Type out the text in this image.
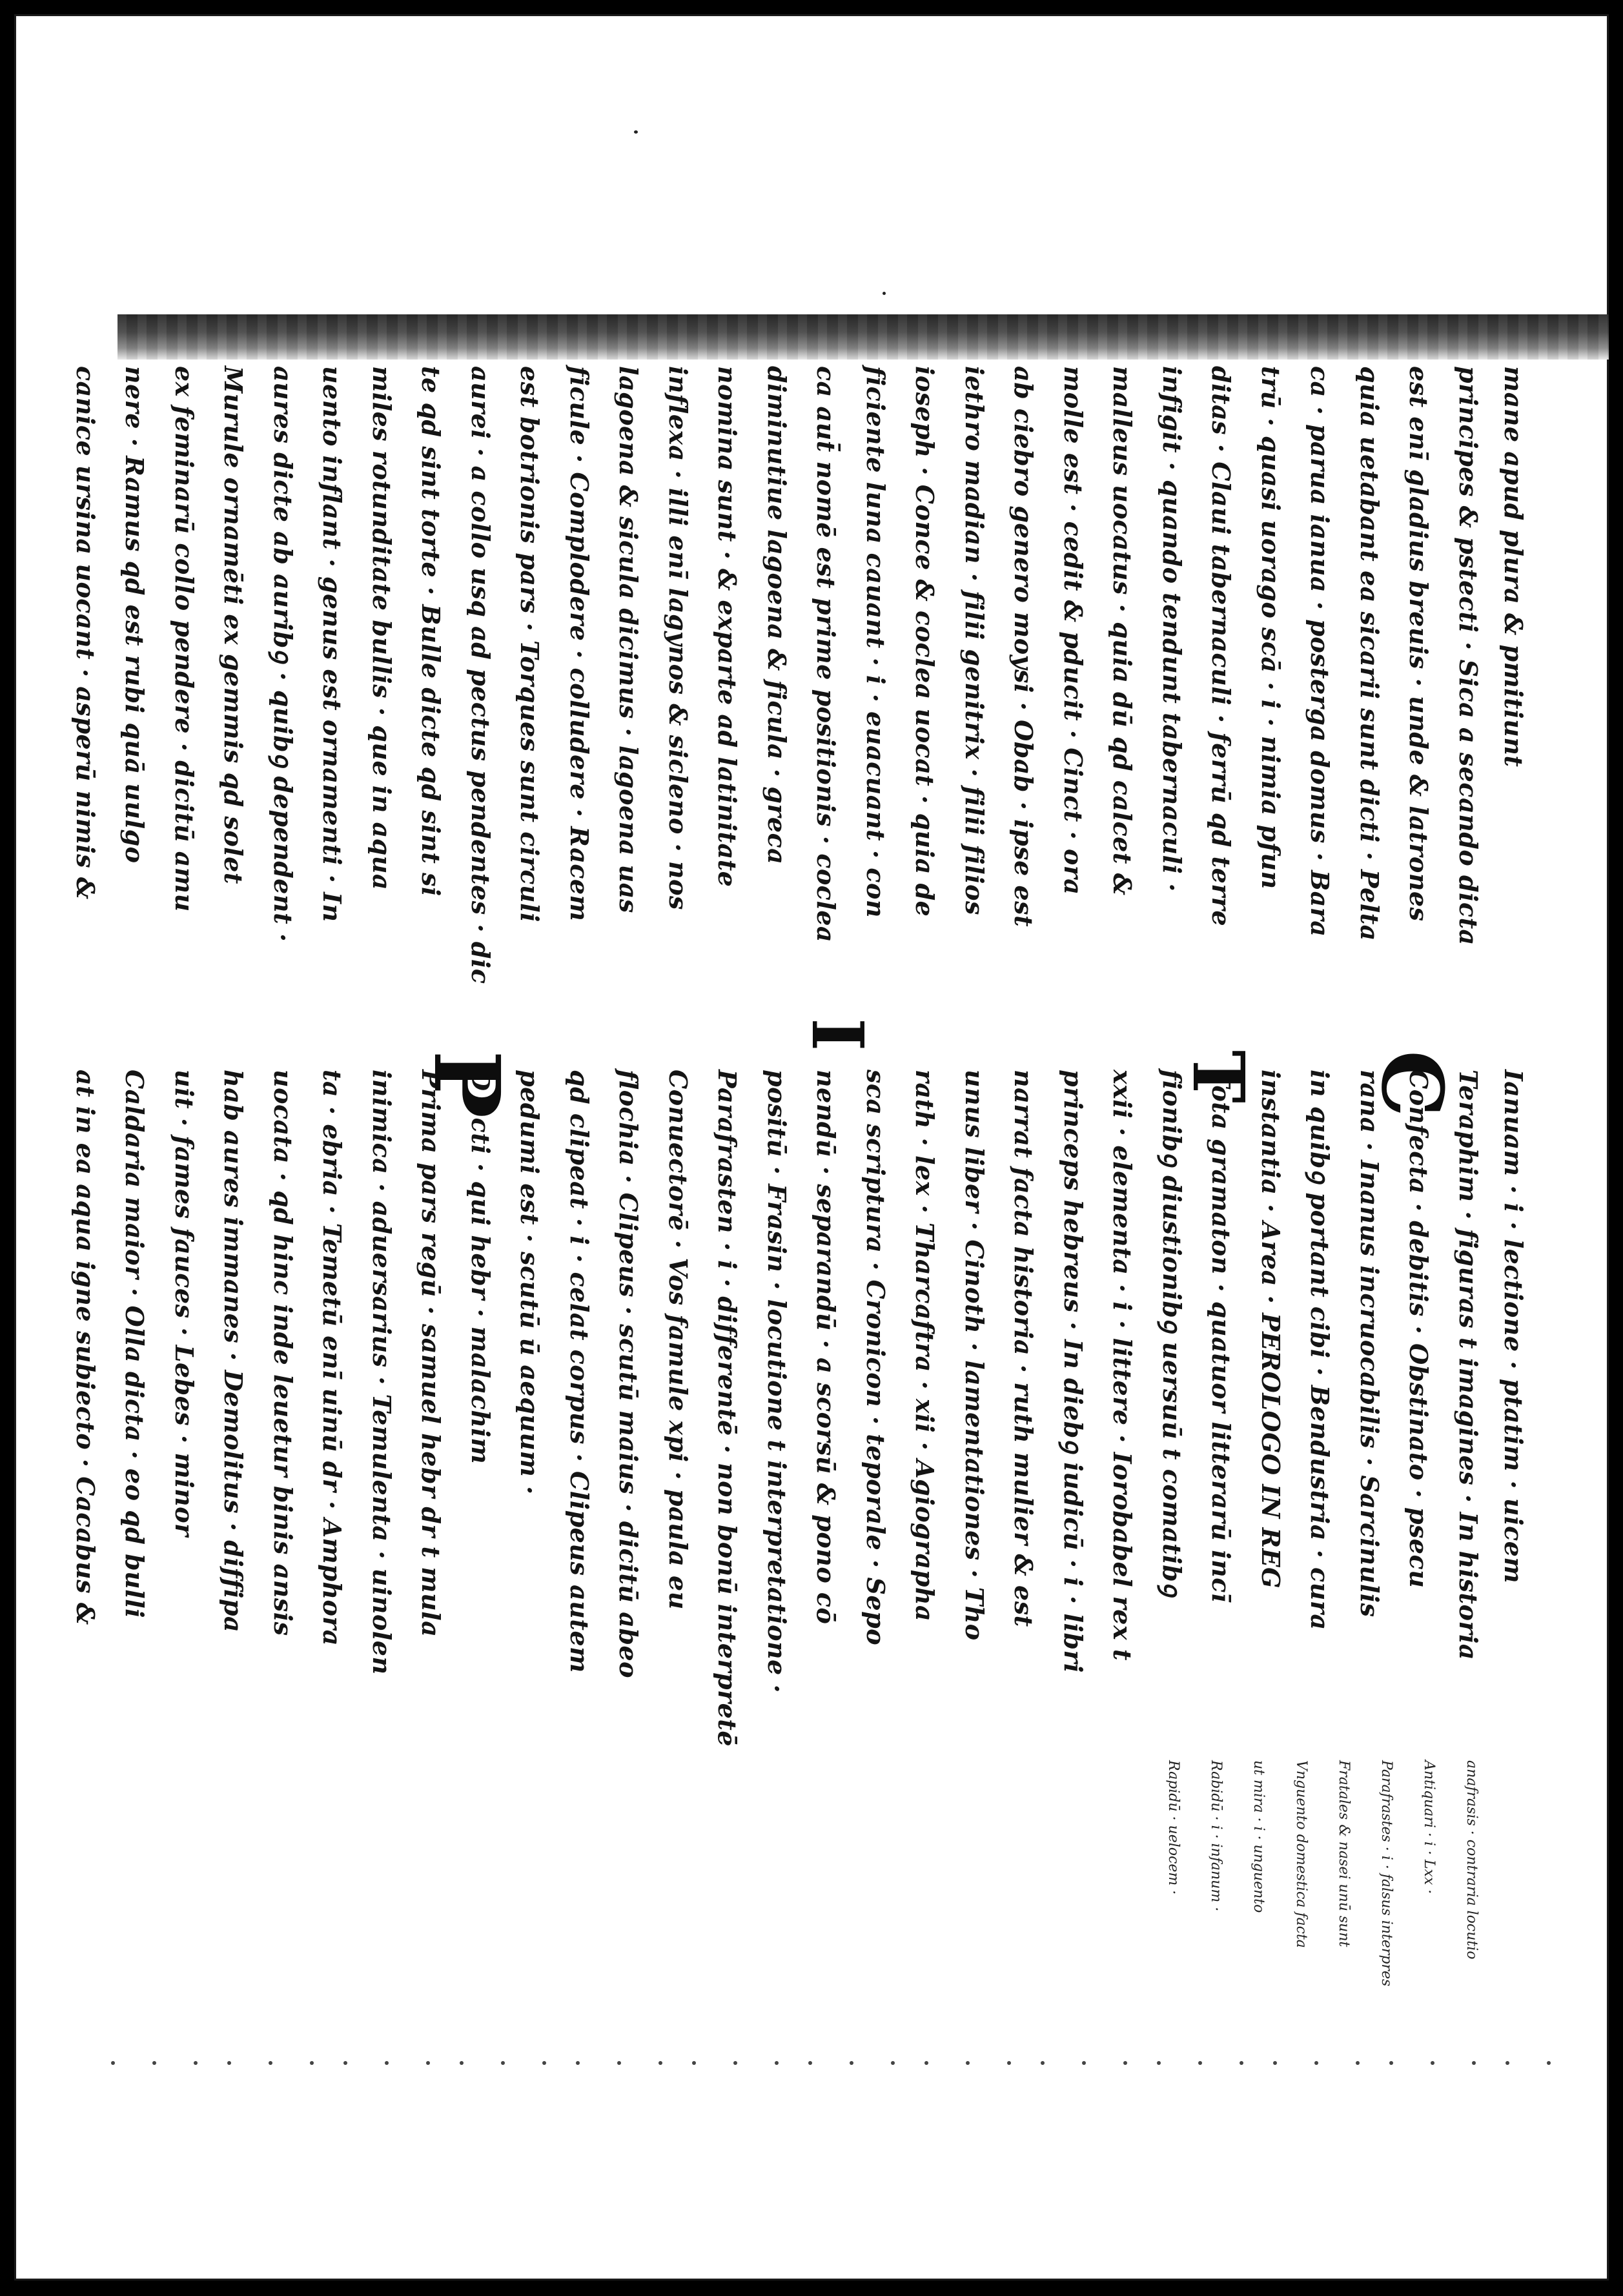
mane apud plura & pmitiunt
Ianuam · i · lectione · ptatim · uicem
principes & pstecti · Sica a secando dicta
est enī gladius breuis · unde & latrones
quia uetabant ea sicarii sunt dicti · Pelta
ca · parua ianua · posterga domus · Bara
trū · quasi uorago scā · i · nimia pfun
ditas · Claui tabernaculi · ferrū qd terre
infigit · quando tendunt tabernaculi ·
malleus uocatus · quia dū qd calcet &
molle est · cedit & pducit · Cinct · ora
ab ciebro genero moysi · Obab · ipse est
iethro madian · filii genitrix · filii filios
ioseph · Conce & coclea uocat · quia de
ficiente luna cauant · i · euacuant · con
ca aut̄ nomē est prime positionis · coclea
diminutiue lagoena & ficula · greca
nomina sunt · & exparte ad latinitate
inflexa · illi enī lagynos & sicleno · nos
lagoena & sicula dicimus · lagoena uas
ficule · Complodere · colludere · Racem
est botrionis pars · Torques sunt circuli
aurei · a collo usq ad pectus pendentes · dic
te qd sint torte · Bulle dicte qd sint si
miles rotunditate bullis · que in aqua
uento inflant · genus est ornamenti · In
aures dicte ab auribꝯ · quibꝯ dependent ·
Murule ornamēti ex gemmis qd solet
ex feminarū collo pendere · dicitū amu
nere · Ramus qd est rubi quā uulgo
canice ursina uocant · asperū nimis &
Teraphim · figuras t imagines · In historia
Confecta · debitis · Obstinato · psecu
rana · Inanus incruocabilis · Sarcinulis
in quibꝯ portant cibi · Bendustria · cura
instantia · Area · PEROLOGO IN REG
Tota gramaton · quatuor litterarū incī
fionibꝯ diustionibꝯ uersuū t comatibꝯ
xxii · elementa · i · littere · Iorobabel rex t
princeps hebreus · In diebꝯ iudicū · i · libri
narrat facta historia · ruth mulier & est
unus liber · Cinoth · lamentationes · Tho
rath · lex · Tharcaftra · xii · Agiographa
sca scriptura · Cronicon · teporale · Sepo
nendū · separandū · a scorsū & pono cō
positū · Frasin · locutione t interpretatione ·
Parafrasten · i · differentē · non bonū interpretē
Conuectorē · Vos famule xpi · paula eu
flochia · Clipeus · scutū maius · dicitū abeo
qd clipeat · i · celat corpus · Clipeus autem
pedumi est · scutū ū aequum ·
D · cti · qui hebr · malachim
Prima pars regū · samuel hebr dr t mula
inimica · aduersarius · Temulenta · uinolen
ta · ebria · Temetū enī uinū dr · Amphora
uocata · qd hinc inde leuetur binis ansis
hab aures immanes · Demolitus · diffipa
uit · fames fauces · Lebes · minor
Caldaria maior · Olla dicta · eo qd bulli
at in ea aqua igne subiecto · Cacabus &
anafrasis · contraria locutio
Antiquari · i · Lxx ·
Parafrastes · i · falsus interpres
Fratales & nasei unū sunt
Vnguento domestica facta
ut mira · i · unguento
Rabidū · i · infanum ·
Rapidū · uelocem ·
C
T
P
I
